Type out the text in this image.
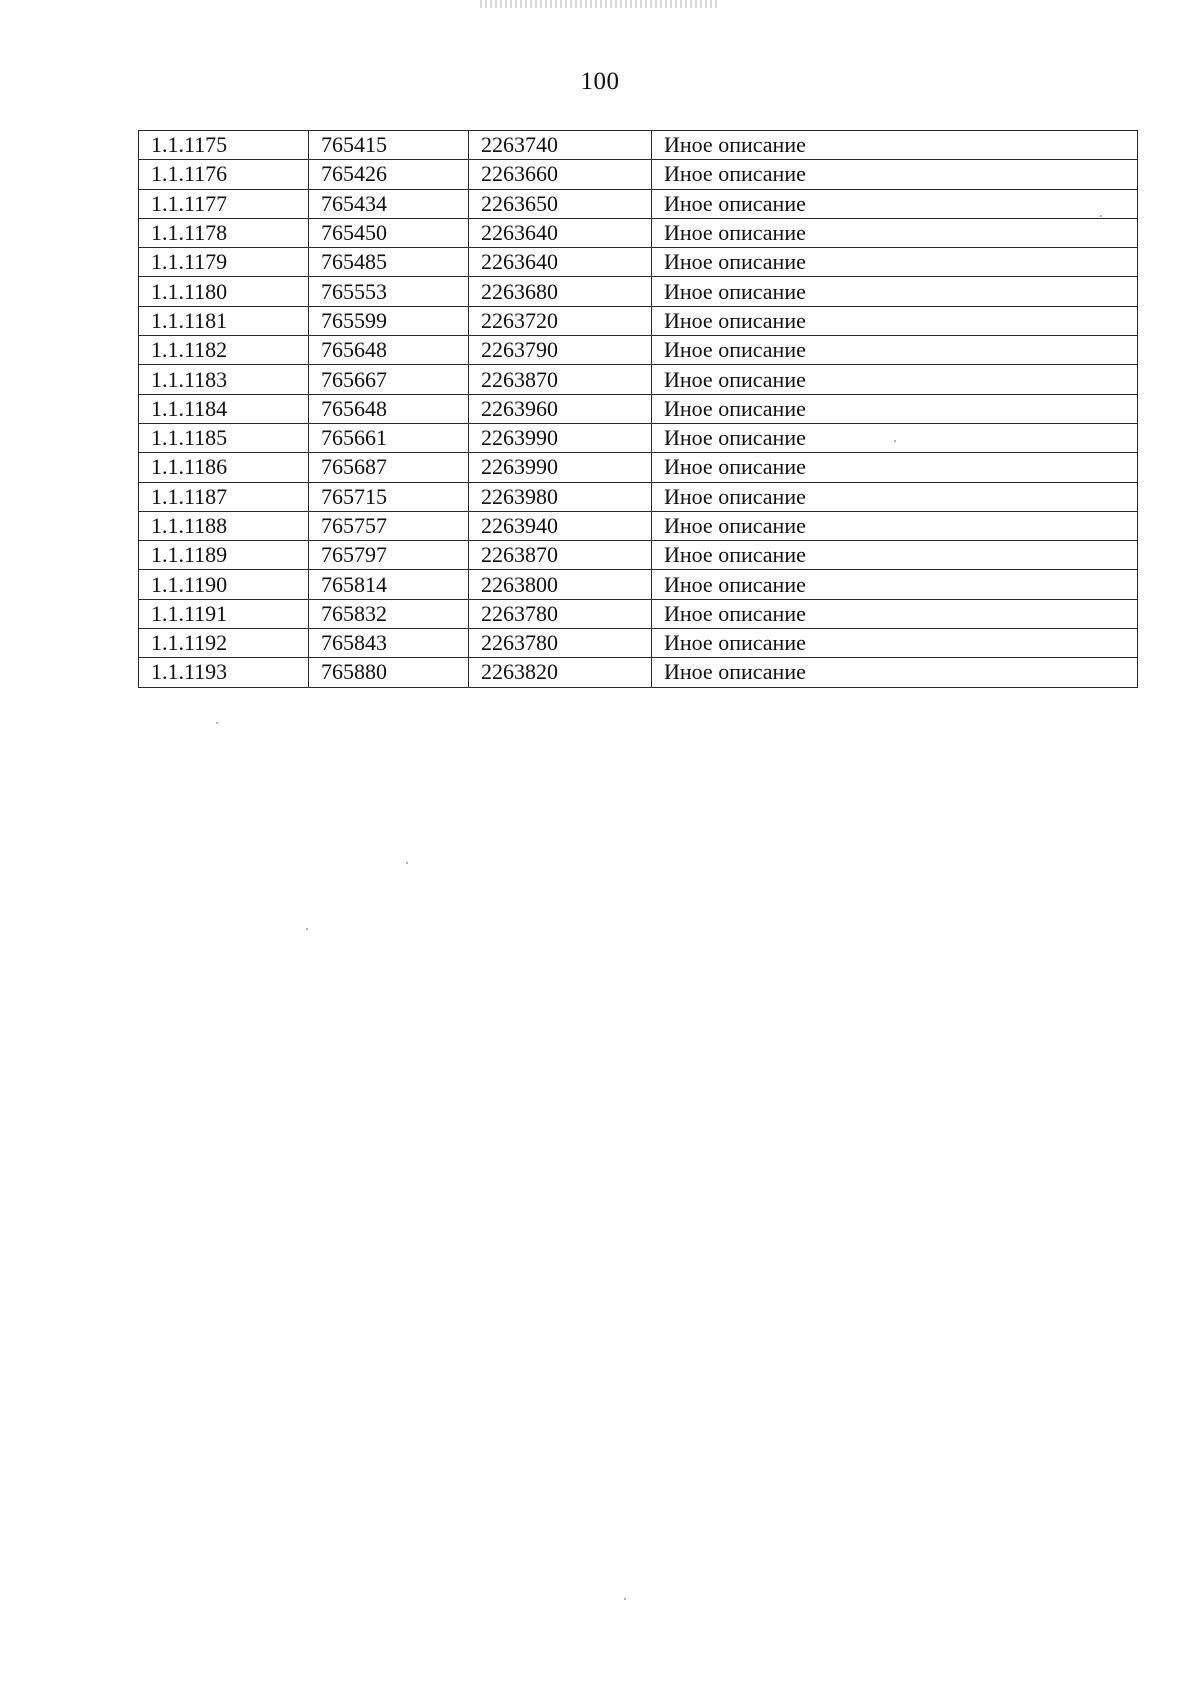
100
1.1.1175	765415	2263740	Иное описание
1.1.1176	765426	2263660	Иное описание
1.1.1177	765434	2263650	Иное описание
1.1.1178	765450	2263640	Иное описание
1.1.1179	765485	2263640	Иное описание
1.1.1180	765553	2263680	Иное описание
1.1.1181	765599	2263720	Иное описание
1.1.1182	765648	2263790	Иное описание
1.1.1183	765667	2263870	Иное описание
1.1.1184	765648	2263960	Иное описание
1.1.1185	765661	2263990	Иное описание
1.1.1186	765687	2263990	Иное описание
1.1.1187	765715	2263980	Иное описание
1.1.1188	765757	2263940	Иное описание
1.1.1189	765797	2263870	Иное описание
1.1.1190	765814	2263800	Иное описание
1.1.1191	765832	2263780	Иное описание
1.1.1192	765843	2263780	Иное описание
1.1.1193	765880	2263820	Иное описание
